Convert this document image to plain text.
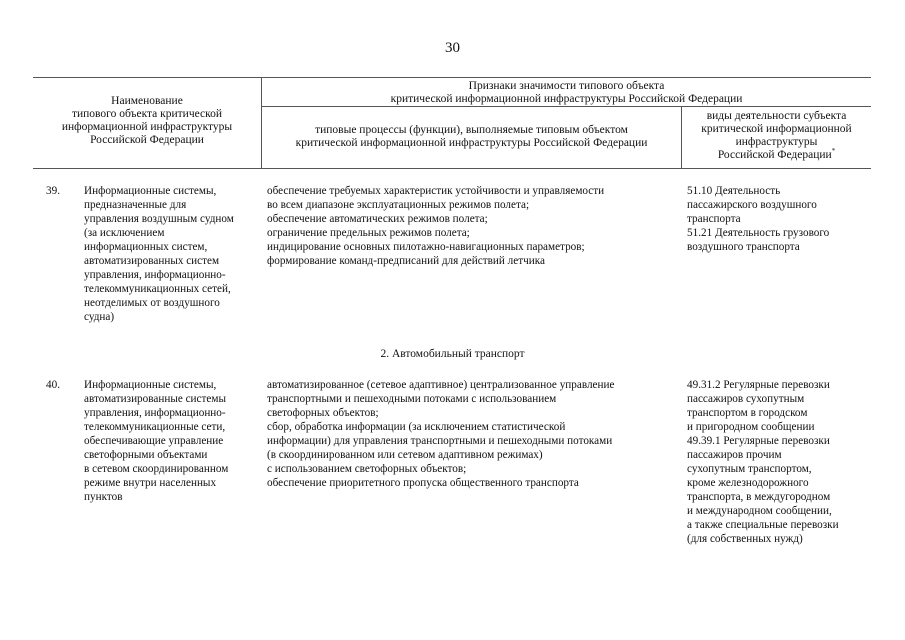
30
Наименование
типового объекта критической
информационной инфраструктуры
Российской Федерации
Признаки значимости типового объекта
критической информационной инфраструктуры Российской Федерации
типовые процессы (функции), выполняемые типовым объектом
критической информационной инфраструктуры Российской Федерации
виды деятельности субъекта
критической информационной
инфраструктуры
Российской Федерации*
39. Информационные системы,
предназначенные для
управления воздушным судном
(за исключением
информационных систем,
автоматизированных систем
управления, информационно-
телекоммуникационных сетей,
неотделимых от воздушного
судна)
обеспечение требуемых характеристик устойчивости и управляемости
во всем диапазоне эксплуатационных режимов полета;
обеспечение автоматических режимов полета;
ограничение предельных режимов полета;
индицирование основных пилотажно-навигационных параметров;
формирование команд-предписаний для действий летчика
51.10 Деятельность
пассажирского воздушного
транспорта
51.21 Деятельность грузового
воздушного транспорта
2. Автомобильный транспорт
40. Информационные системы,
автоматизированные системы
управления, информационно-
телекоммуникационные сети,
обеспечивающие управление
светофорными объектами
в сетевом скоординированном
режиме внутри населенных
пунктов
автоматизированное (сетевое адаптивное) централизованное управление
транспортными и пешеходными потоками с использованием
светофорных объектов;
сбор, обработка информации (за исключением статистической
информации) для управления транспортными и пешеходными потоками
(в скоординированном или сетевом адаптивном режимах)
с использованием светофорных объектов;
обеспечение приоритетного пропуска общественного транспорта
49.31.2 Регулярные перевозки
пассажиров сухопутным
транспортом в городском
и пригородном сообщении
49.39.1 Регулярные перевозки
пассажиров прочим
сухопутным транспортом,
кроме железнодорожного
транспорта, в междугородном
и международном сообщении,
а также специальные перевозки
(для собственных нужд)
